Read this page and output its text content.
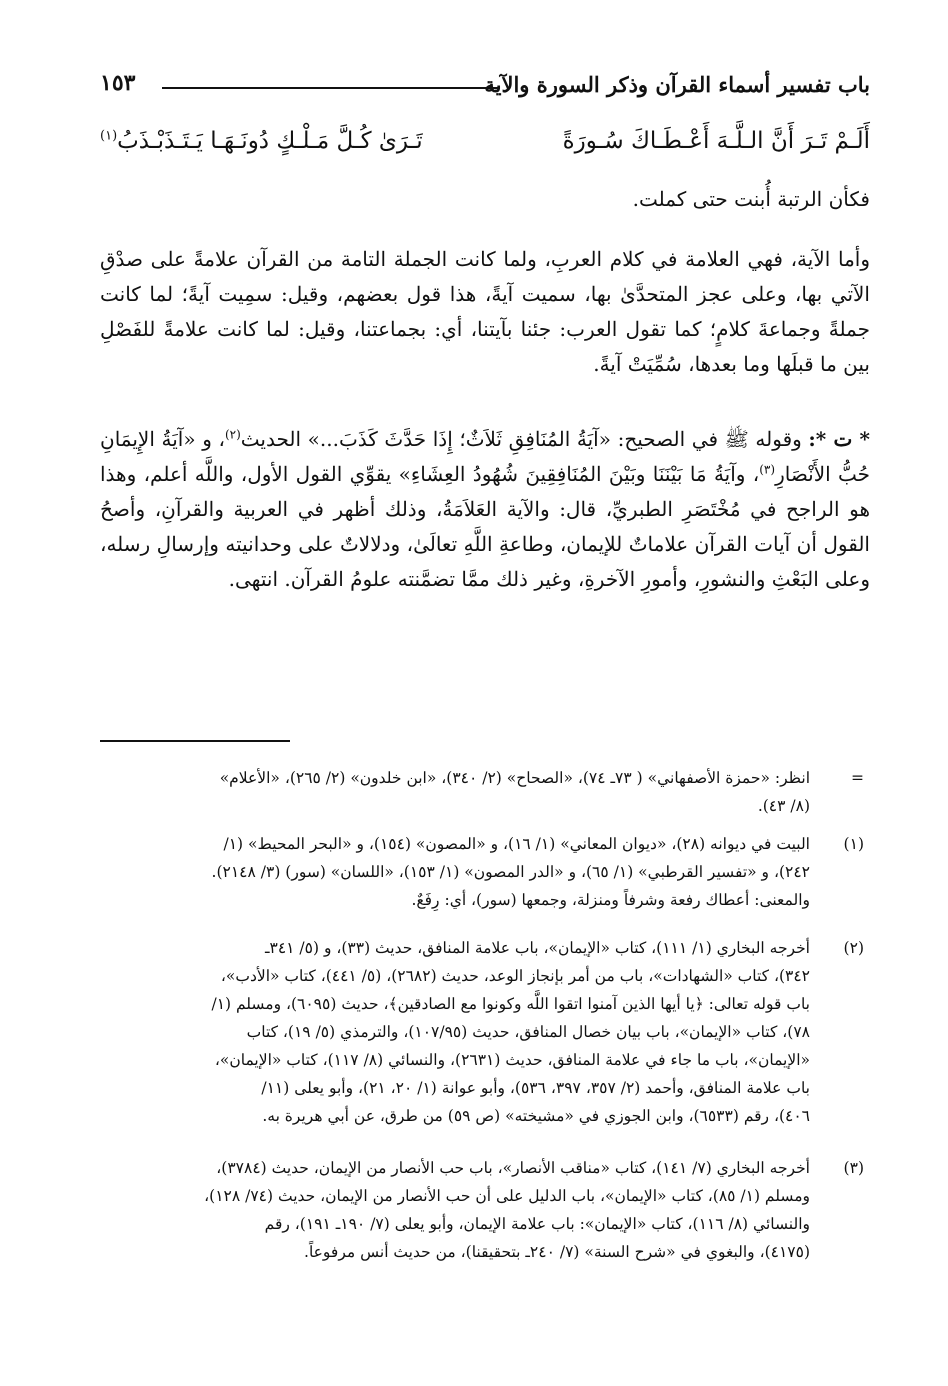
باب تفسير أسماء القرآن وذكر السورة والآية
١٥٣
أَلَـمْ تَـرَ أَنَّ الـلَّـهَ أَعْـطَـاكَ سُـورَةً
تَـرَىٰ كُـلَّ مَـلْـكٍ دُونَـهَـا يَـتَـذَبْـذَبُ$^{(١)}$
فكأن الرتبة أُبنت حتى كملت.
وأما الآية، فهي العلامة في كلام العربِ، ولما كانت الجملة التامة من القرآن علامةً على صدْقِ الآتي بها، وعلى عجز المتحدَّىٰ بها، سميت آيةً، هذا قول بعضهم، وقيل: سمِيت آيةً؛ لما كانت جملةً وجماعةَ كلامٍ؛ كما تقول العرب: جئنا بآيتنا، أي: بجماعتنا، وقيل: لما كانت علامةً للفَصْلِ بين ما قبلَها وما بعدها، سُمِّيَتْ آيةً.
* ت *: وقوله ﷺ في الصحيح: «آيَةُ المُنَافِقِ ثَلاَثٌ؛ إِذَا حَدَّثَ كَذَبَ...» الحديث$^{(٢)}$، و «آيَةُ الإِيمَانِ حُبُّ الأَنْصَارِ$^{(٣)}$، وآيَةُ مَا بَيْنَنَا وبَيْنَ المُنَافِقِينَ شُهُودُ العِشَاءِ» يقوِّي القول الأول، واللَّه أعلم، وهذا هو الراجح في مُخْتَصَرِ الطبريِّ، قال: والآية العَلاَمَةُ، وذلك أظهر في العربية والقرآنِ، وأصحُ القول أن آيات القرآن علاماتٌ للإيمان، وطاعةِ اللَّهِ تعالَىٰ، ودلالاتٌ على وحدانيته وإرسالِ رسله، وعلى البَعْثِ والنشورِ، وأمورِ الآخرةِ، وغير ذلك ممَّا تضمَّنته علومُ القرآن. انتهى.
=
انظر: «حمزة الأصفهاني» ( ٧٣ـ ٧٤)، «الصحاح» (٢/ ٣٤٠)، «ابن خلدون» (٢/ ٢٦٥)، «الأعلام»
(٨/ ٤٣).
(١)
البيت في ديوانه (٢٨)، «ديوان المعاني» (١/ ١٦)، و «المصون» (١٥٤)، و «البحر المحيط» (١/
٢٤٢)، و «تفسير القرطبي» (١/ ٦٥)، و «الدر المصون» (١/ ١٥٣)، «اللسان» (سور) (٣/ ٢١٤٨).
والمعنى: أعطاك رفعة وشرفاً ومنزلة، وجمعها (سور)، أي: رِفَعٌ.
(٢)
أخرجه البخاري (١/ ١١١)، كتاب «الإيمان»، باب علامة المنافق، حديث (٣٣)، و (٥/ ٣٤١ـ
٣٤٢)، كتاب «الشهادات»، باب من أمر بإنجاز الوعد، حديث (٢٦٨٢)، (٥/ ٤٤١)، كتاب «الأدب»،
باب قوله تعالى: ﴿يا أيها الذين آمنوا اتقوا اللَّه وكونوا مع الصادقين﴾، حديث (٦٠٩٥)، ومسلم (١/
٧٨)، كتاب «الإيمان»، باب بيان خصال المنافق، حديث (١٠٧/٩٥)، والترمذي (٥/ ١٩)، كتاب
«الإيمان»، باب ما جاء في علامة المنافق، حديث (٢٦٣١)، والنسائي (٨/ ١١٧)، كتاب «الإيمان»،
باب علامة المنافق، وأحمد (٢/ ٣٥٧، ٣٩٧، ٥٣٦)، وأبو عوانة (١/ ٢٠، ٢١)، وأبو يعلى (١١/
٤٠٦)، رقم (٦٥٣٣)، وابن الجوزي في «مشيخته» (ص ٥٩) من طرق، عن أبي هريرة به.
(٣)
أخرجه البخاري (٧/ ١٤١)، كتاب «مناقب الأنصار»، باب حب الأنصار من الإيمان، حديث (٣٧٨٤)،
ومسلم (١/ ٨٥)، كتاب «الإيمان»، باب الدليل على أن حب الأنصار من الإيمان، حديث (٧٤/ ١٢٨)،
والنسائي (٨/ ١١٦)، كتاب «الإيمان»: باب علامة الإيمان، وأبو يعلى (٧/ ١٩٠ـ ١٩١)، رقم
(٤١٧٥)، والبغوي في «شرح السنة» (٧/ ٢٤٠ـ بتحقيقنا)، من حديث أنس مرفوعاً.
